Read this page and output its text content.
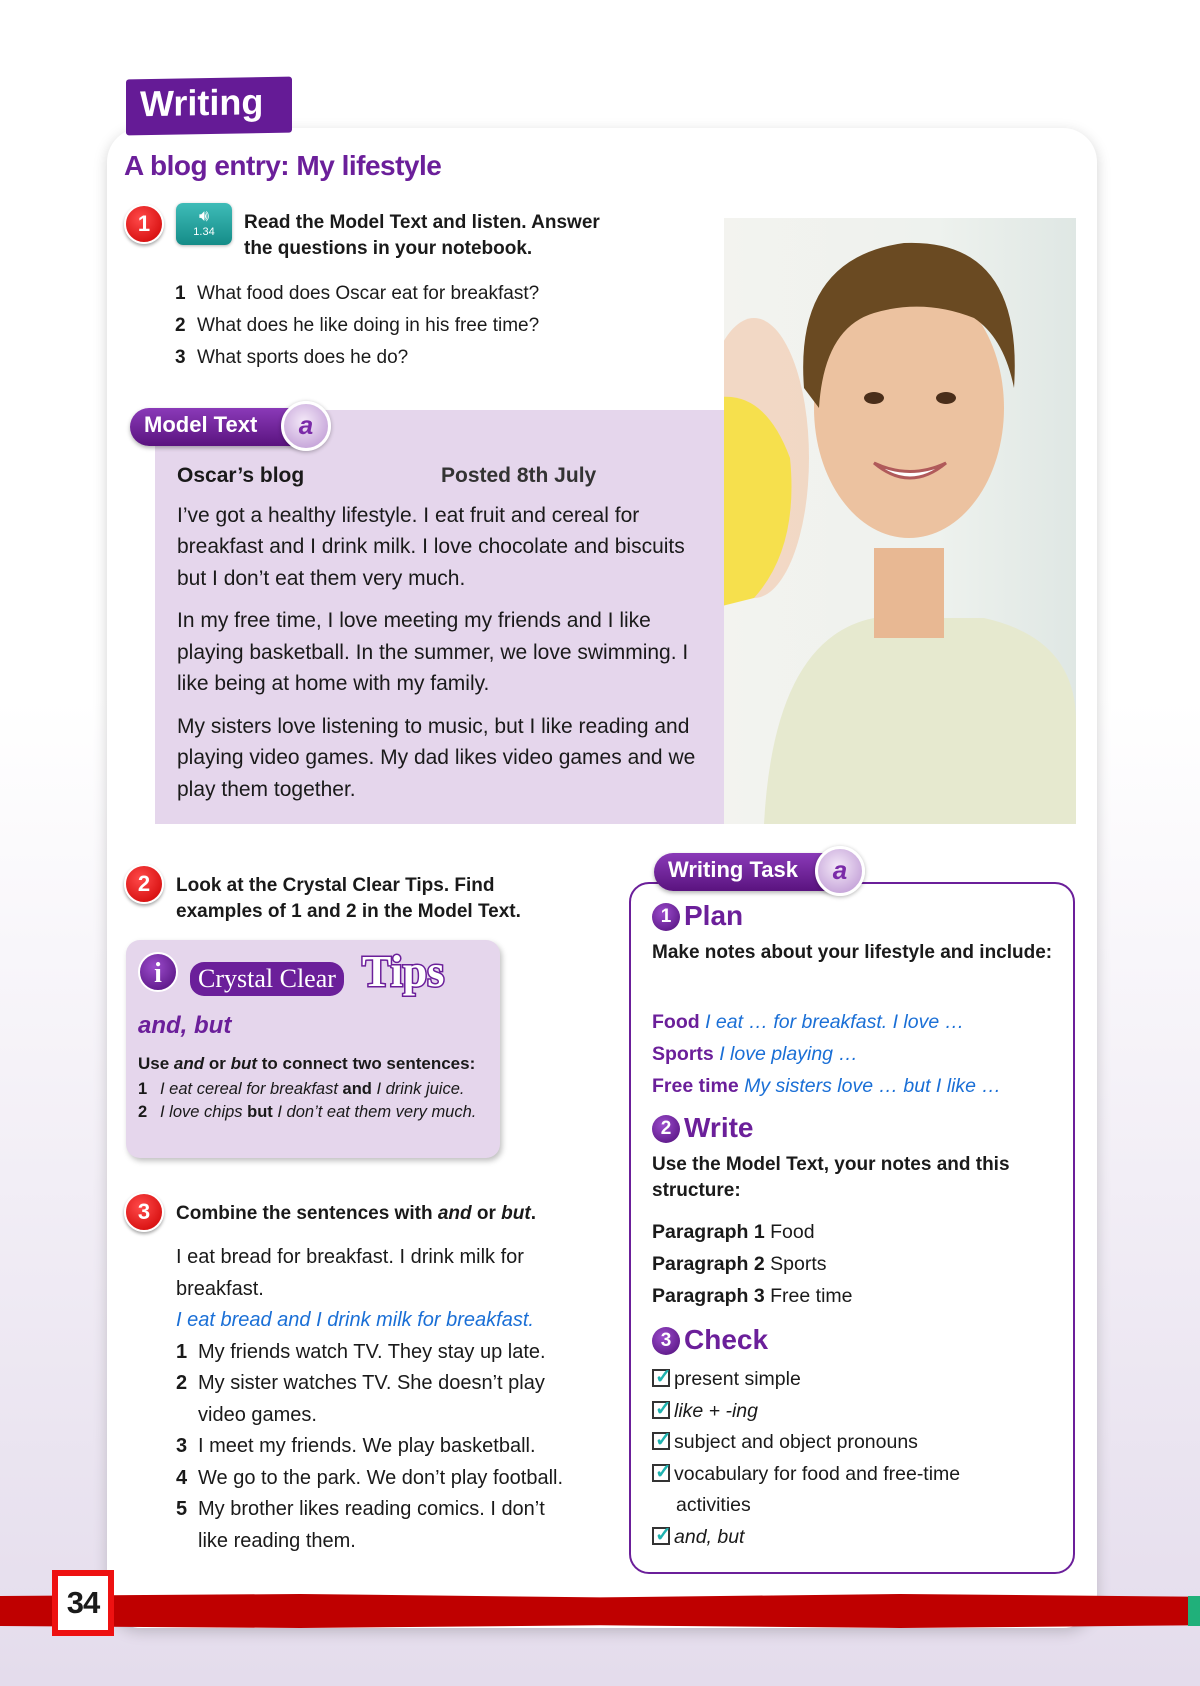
Writing
A blog entry: My lifestyle
1	🔊︎
1.34	Read the Model Text and listen. Answer
the questions in your notebook.
1 What food does Oscar eat for breakfast?
2 What does he like doing in his free time?
3 What sports does he do?
Model Text	a

Oscar’s blog	Posted 8th July

I’ve got a healthy lifestyle. I eat fruit and cereal for breakfast and I drink milk. I love chocolate and biscuits but I don’t eat them very much.

In my free time, I love meeting my friends and I like playing basketball. In the summer, we love swimming. I like being at home with my family.

My sisters love listening to music, but I like reading and playing video games. My dad likes video games and we play them together.

2	Look at the Crystal Clear Tips. Find
examples of 1 and 2 in the Model Text.
i	Crystal Clear Tips
and, but
Use and or but to connect two sentences:
1 I eat cereal for breakfast and I drink juice.
2 I love chips but I don’t eat them very much.
3	Combine the sentences with and or but.
I eat bread for breakfast. I drink milk for breakfast.
I eat bread and I drink milk for breakfast.
1 My friends watch TV. They stay up late.
2 My sister watches TV. She doesn’t play video games.
3 I meet my friends. We play basketball.
4 We go to the park. We don’t play football.
5 My brother likes reading comics. I don’t like reading them.
Writing Task	a
1 Plan
Make notes about your lifestyle and include:
Food I eat … for breakfast. I love …
Sports I love playing …
Free time My sisters love … but I like …
2 Write
Use the Model Text, your notes and this structure:
Paragraph 1 Food
Paragraph 2 Sports
Paragraph 3 Free time
3 Check
✓present simple
✓like + -ing
✓subject and object pronouns
✓vocabulary for food and free-time
activities
✓and, but
34
